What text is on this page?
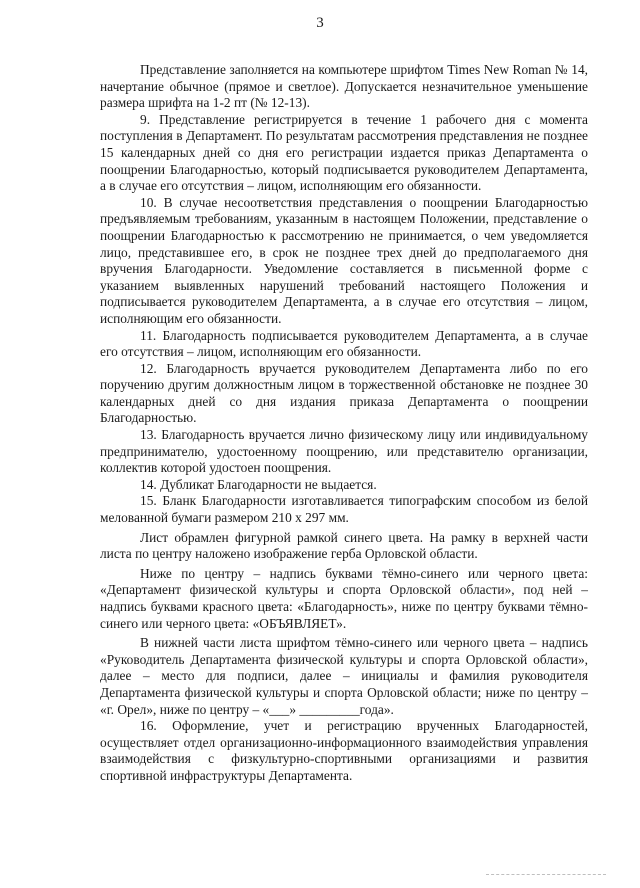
3

Представление заполняется на компьютере шрифтом Times New Roman № 14, начертание обычное (прямое и светлое). Допускается незначительное уменьшение размера шрифта на 1-2 пт (№ 12-13).

9. Представление регистрируется в течение 1 рабочего дня с момента поступления в Департамент. По результатам рассмотрения представления не позднее 15 календарных дней со дня его регистрации издается приказ Департамента о поощрении Благодарностью, который подписывается руководителем Департамента, а в случае его отсутствия – лицом, исполняющим его обязанности.

10. В случае несоответствия представления о поощрении Благодарностью предъявляемым требованиям, указанным в настоящем Положении, представление о поощрении Благодарностью к рассмотрению не принимается, о чем уведомляется лицо, представившее его, в срок не позднее трех дней до предполагаемого дня вручения Благодарности. Уведомление составляется в письменной форме с указанием выявленных нарушений требований настоящего Положения и подписывается руководителем Департамента, а в случае его отсутствия – лицом, исполняющим его обязанности.

11. Благодарность подписывается руководителем Департамента, а в случае его отсутствия – лицом, исполняющим его обязанности.

12. Благодарность вручается руководителем Департамента либо по его поручению другим должностным лицом в торжественной обстановке не позднее 30 календарных дней со дня издания приказа Департамента о поощрении Благодарностью.

13. Благодарность вручается лично физическому лицу или индивидуальному предпринимателю, удостоенному поощрению, или представителю организации, коллектив которой удостоен поощрения.

14. Дубликат Благодарности не выдается.

15. Бланк Благодарности изготавливается типографским способом из белой мелованной бумаги размером 210 х 297 мм.

Лист обрамлен фигурной рамкой синего цвета. На рамку в верхней части листа по центру наложено изображение герба Орловской области.

Ниже по центру – надпись буквами тёмно-синего или черного цвета: «Департамент физической культуры и спорта Орловской области», под ней – надпись буквами красного цвета: «Благодарность», ниже по центру буквами тёмно-синего или черного цвета: «ОБЪЯВЛЯЕТ».

В нижней части листа шрифтом тёмно-синего или черного цвета – надпись «Руководитель Департамента физической культуры и спорта Орловской области», далее – место для подписи, далее – инициалы и фамилия руководителя Департамента физической культуры и спорта Орловской области; ниже по центру – «г. Орел», ниже по центру – «___» _________года».

16. Оформление, учет и регистрацию врученных Благодарностей, осуществляет отдел организационно-информационного взаимодействия управления взаимодействия с физкультурно-спортивными организациями и развития спортивной инфраструктуры Департамента.
